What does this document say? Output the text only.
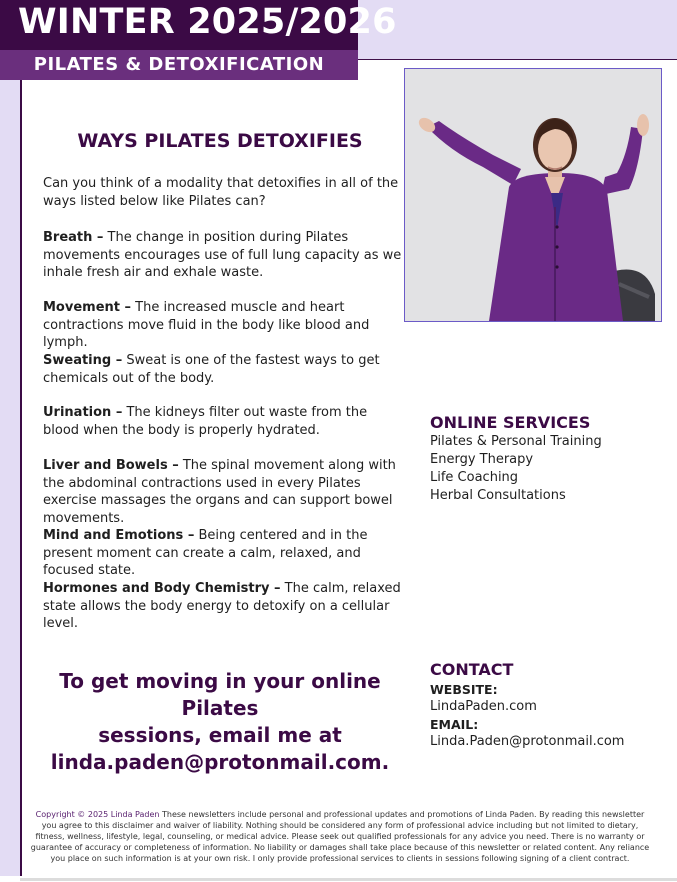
WINTER 2025/2026
PILATES & DETOXIFICATION
WAYS PILATES DETOXIFIES
Can you think of a modality that detoxifies in all of the ways listed below like Pilates can?
Breath – The change in position during Pilates movements encourages use of full lung capacity as we inhale fresh air and exhale waste.
Movement – The increased muscle and heart contractions move fluid in the body like blood and lymph.
Sweating – Sweat is one of the fastest ways to get chemicals out of the body.
Urination – The kidneys filter out waste from the blood when the body is properly hydrated.
Liver and Bowels – The spinal movement along with the abdominal contractions used in every Pilates exercise massages the organs and can support bowel movements.
Mind and Emotions – Being centered and in the present moment can create a calm, relaxed, and focused state.
Hormones and Body Chemistry – The calm, relaxed state allows the body energy to detoxify on a cellular level.
ONLINE SERVICES
Pilates & Personal Training
Energy Therapy
Life Coaching
Herbal Consultations
To get moving in your online Pilates
sessions, email me at
linda.paden@protonmail.com.
CONTACT
WEBSITE:
LindaPaden.com
EMAIL:
Linda.Paden@protonmail.com
Copyright © 2025 Linda Paden These newsletters include personal and professional updates and promotions of Linda Paden. By reading this newsletter you agree to this disclaimer and waiver of liability. Nothing should be considered any form of professional advice including but not limited to dietary, fitness, wellness, lifestyle, legal, counseling, or medical advice. Please seek out qualified professionals for any advice you need. There is no warranty or guarantee of accuracy or completeness of information. No liability or damages shall take place because of this newsletter or related content. Any reliance you place on such information is at your own risk. I only provide professional services to clients in sessions following signing of a client contract.
